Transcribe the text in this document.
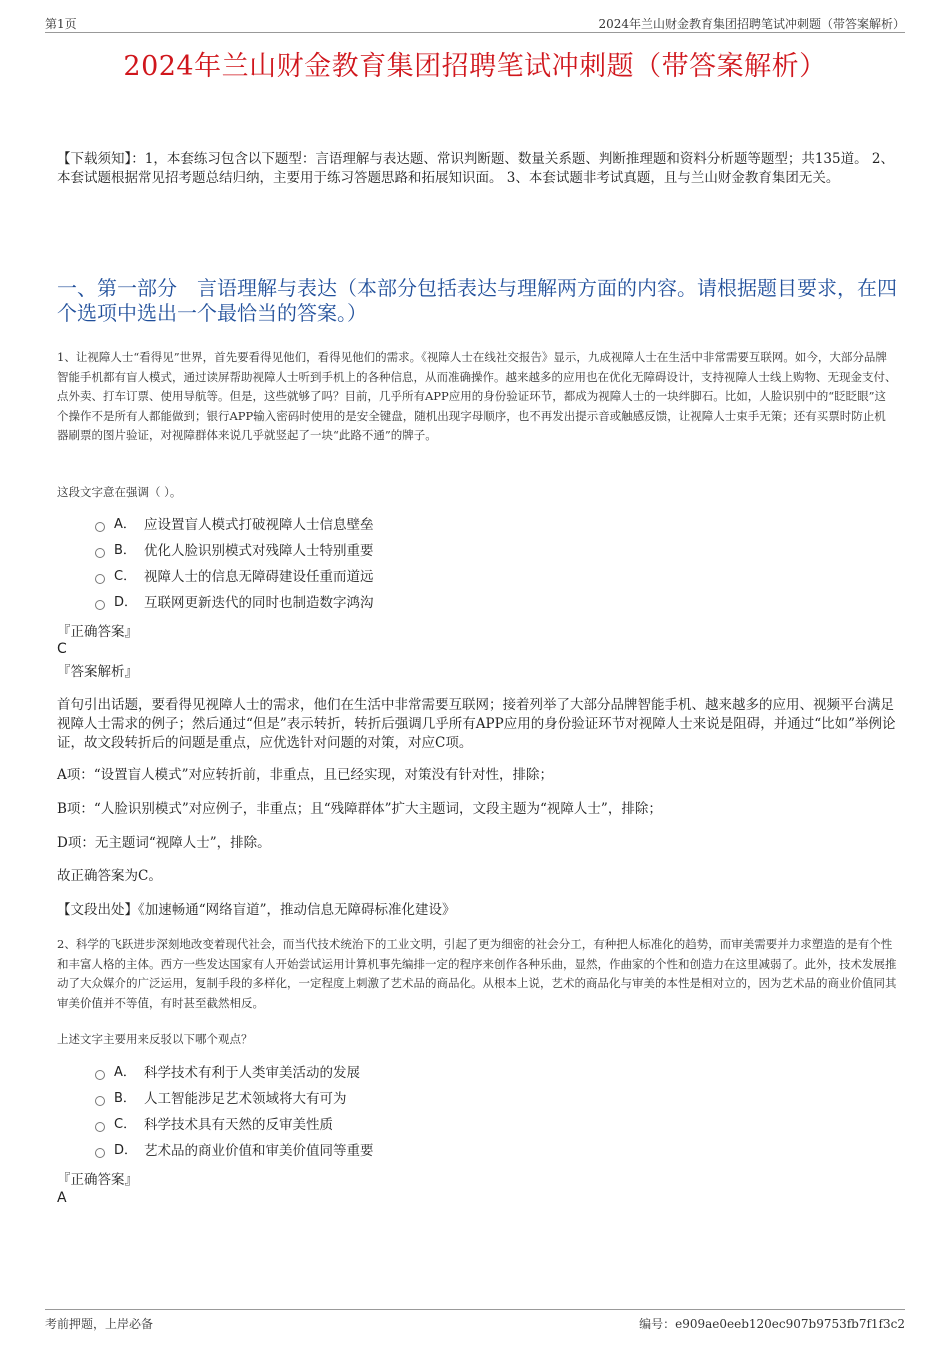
第1页	2024年兰山财金教育集团招聘笔试冲刺题（带答案解析）
2024年兰山财金教育集团招聘笔试冲刺题（带答案解析）
【下载须知】：1，本套练习包含以下题型：言语理解与表达题、常识判断题、数量关系题、判断推理题和资料分析题等题型；共135道。 2、本套试题根据常见招考题总结归纳，主要用于练习答题思路和拓展知识面。 3、本套试题非考试真题，且与兰山财金教育集团无关。
一、第一部分　言语理解与表达（本部分包括表达与理解两方面的内容。请根据题目要求，在四个选项中选出一个最恰当的答案。）
1、让视障人士“看得见”世界，首先要看得见他们，看得见他们的需求。《视障人士在线社交报告》显示，九成视障人士在生活中非常需要互联网。如今，大部分品牌智能手机都有盲人模式，通过读屏帮助视障人士听到手机上的各种信息，从而准确操作。越来越多的应用也在优化无障碍设计，支持视障人士线上购物、无现金支付、点外卖、打车订票、使用导航等。但是，这些就够了吗？目前，几乎所有APP应用的身份验证环节，都成为视障人士的一块绊脚石。比如，人脸识别中的“眨眨眼”这个操作不是所有人都能做到；银行APP输入密码时使用的是安全键盘，随机出现字母顺序，也不再发出提示音或触感反馈，让视障人士束手无策；还有买票时防止机器刷票的图片验证，对视障群体来说几乎就竖起了一块“此路不通”的牌子。
这段文字意在强调（ ）。
A． 应设置盲人模式打破视障人士信息壁垒
B． 优化人脸识别模式对残障人士特别重要
C． 视障人士的信息无障碍建设任重而道远
D． 互联网更新迭代的同时也制造数字鸿沟
『正确答案』
C
『答案解析』
首句引出话题，要看得见视障人士的需求，他们在生活中非常需要互联网；接着列举了大部分品牌智能手机、越来越多的应用、视频平台满足视障人士需求的例子；然后通过“但是”表示转折，转折后强调几乎所有APP应用的身份验证环节对视障人士来说是阻碍，并通过“比如”举例论证，故文段转折后的问题是重点，应优选针对问题的对策，对应C项。
A项：“设置盲人模式”对应转折前，非重点，且已经实现，对策没有针对性，排除；
B项：“人脸识别模式”对应例子，非重点；且“残障群体”扩大主题词，文段主题为“视障人士”，排除；
D项：无主题词“视障人士”，排除。
故正确答案为C。
【文段出处】《加速畅通“网络盲道”，推动信息无障碍标准化建设》
2、科学的飞跃进步深刻地改变着现代社会，而当代技术统治下的工业文明，引起了更为细密的社会分工，有种把人标准化的趋势，而审美需要并力求塑造的是有个性和丰富人格的主体。西方一些发达国家有人开始尝试运用计算机事先编排一定的程序来创作各种乐曲，显然，作曲家的个性和创造力在这里减弱了。此外，技术发展推动了大众媒介的广泛运用，复制手段的多样化，一定程度上刺激了艺术品的商品化。从根本上说，艺术的商品化与审美的本性是相对立的，因为艺术品的商业价值同其审美价值并不等值，有时甚至截然相反。
上述文字主要用来反驳以下哪个观点？
A． 科学技术有利于人类审美活动的发展
B． 人工智能涉足艺术领域将大有可为
C． 科学技术具有天然的反审美性质
D． 艺术品的商业价值和审美价值同等重要
『正确答案』
A
考前押题，上岸必备	编号：e909ae0eeb120ec907b9753fb7f1f3c2
